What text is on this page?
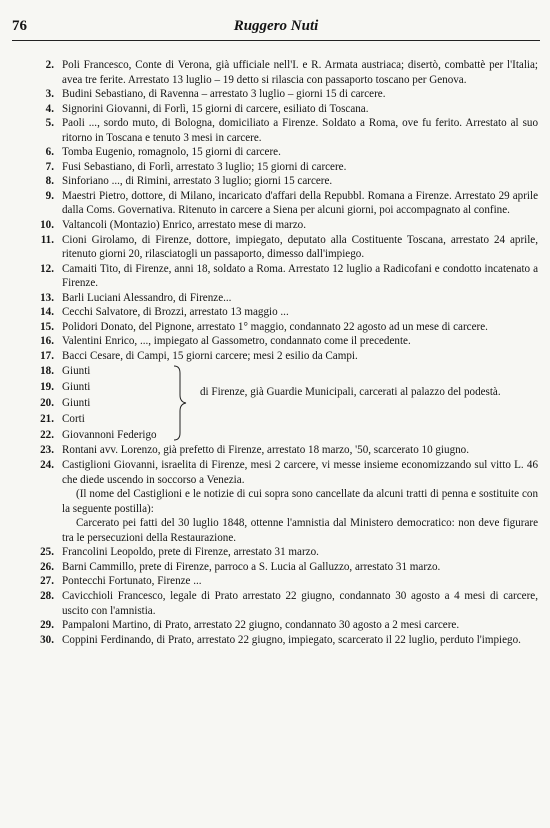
76	Ruggero Nuti
2. Poli Francesco, Conte di Verona, già ufficiale nell'I. e R. Armata austriaca; disertò, combattè per l'Italia; avea tre ferite. Arrestato 13 luglio – 19 detto si rilascia con passaporto toscano per Genova.
3. Budini Sebastiano, di Ravenna – arrestato 3 luglio – giorni 15 di carcere.
4. Signorini Giovanni, di Forlì, 15 giorni di carcere, esiliato di Toscana.
5. Paoli ..., sordo muto, di Bologna, domiciliato a Firenze. Soldato a Roma, ove fu ferito. Arrestato al suo ritorno in Toscana e tenuto 3 mesi in carcere.
6. Tomba Eugenio, romagnolo, 15 giorni di carcere.
7. Fusi Sebastiano, di Forlì, arrestato 3 luglio; 15 giorni di carcere.
8. Sinforiano ..., di Rimini, arrestato 3 luglio; giorni 15 carcere.
9. Maestri Pietro, dottore, di Milano, incaricato d'affari della Repubbl. Romana a Firenze. Arrestato 29 aprile dalla Coms. Governativa. Ritenuto in carcere a Siena per alcuni giorni, poi accompagnato al confine.
10. Valtancoli (Montazio) Enrico, arrestato mese di marzo.
11. Cioni Girolamo, di Firenze, dottore, impiegato, deputato alla Costituente Toscana, arrestato 24 aprile, ritenuto giorni 20, rilasciatogli un passaporto, dimesso dall'impiego.
12. Camaiti Tito, di Firenze, anni 18, soldato a Roma. Arrestato 12 luglio a Radicofani e condotto incatenato a Firenze.
13. Barli Luciani Alessandro, di Firenze...
14. Cecchi Salvatore, di Brozzi, arrestato 13 maggio ...
15. Polidori Donato, del Pignone, arrestato 1° maggio, condannato 22 agosto ad un mese di carcere.
16. Valentini Enrico, ..., impiegato al Gassometro, condannato come il precedente.
17. Bacci Cesare, di Campi, 15 giorni carcere; mesi 2 esilio da Campi.
18. Giunti
19. Giunti
20. Giunti
21. Corti
22. Giovannoni Federigo
di Firenze, già Guardie Municipali, carcerati al palazzo del podestà.
23. Rontani avv. Lorenzo, già prefetto di Firenze, arrestato 18 marzo, '50, scarcerato 10 giugno.
24. Castiglioni Giovanni, israelita di Firenze, mesi 2 carcere, vi messe insieme economizzando sul vitto L. 46 che diede uscendo in soccorso a Venezia.
(Il nome del Castiglioni e le notizie di cui sopra sono cancellate da alcuni tratti di penna e sostituite con la seguente postilla):
Carcerato pei fatti del 30 luglio 1848, ottenne l'amnistia dal Ministero democratico: non deve figurare tra le persecuzioni della Restaurazione.
25. Francolini Leopoldo, prete di Firenze, arrestato 31 marzo.
26. Barni Cammillo, prete di Firenze, parroco a S. Lucia al Galluzzo, arrestato 31 marzo.
27. Pontecchi Fortunato, Firenze ...
28. Cavicchioli Francesco, legale di Prato arrestato 22 giugno, condannato 30 agosto a 4 mesi di carcere, uscito con l'amnistia.
29. Pampaloni Martino, di Prato, arrestato 22 giugno, condannato 30 agosto a 2 mesi carcere.
30. Coppini Ferdinando, di Prato, arrestato 22 giugno, impiegato, scarcerato il 22 luglio, perduto l'impiego.
